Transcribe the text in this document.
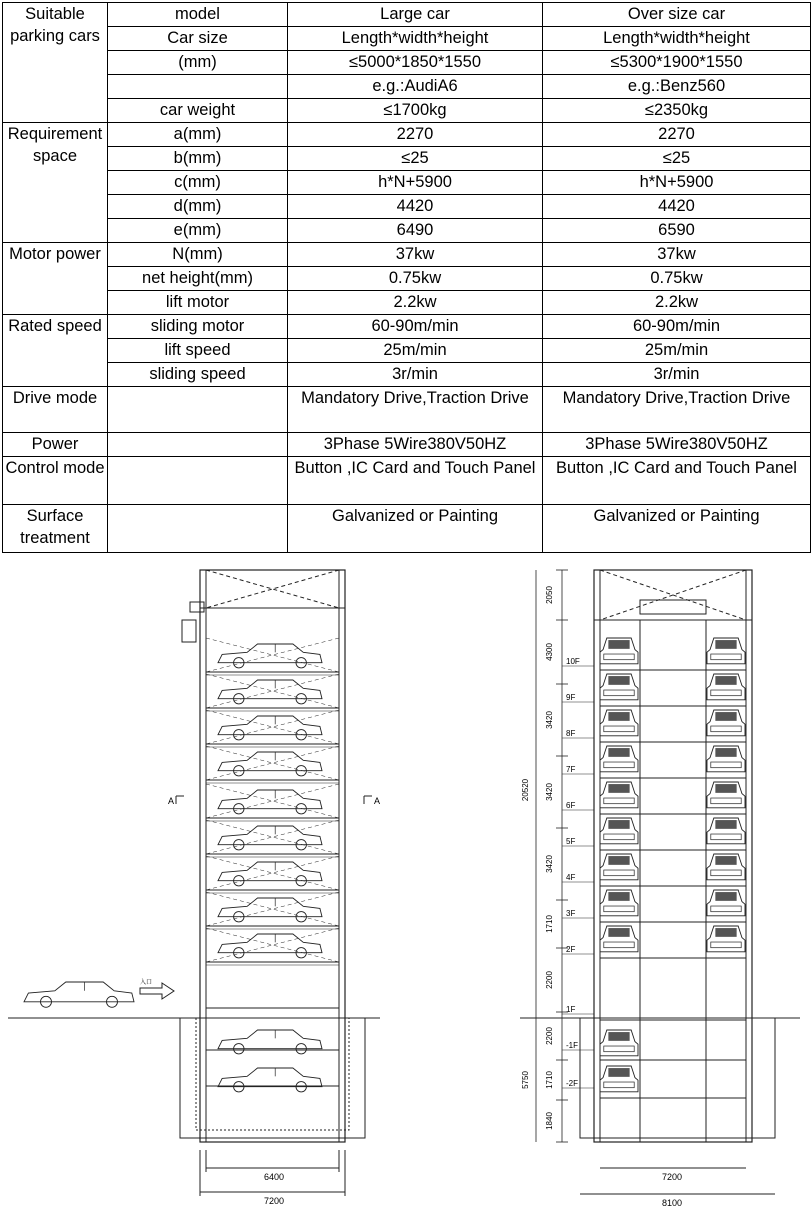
Suitable parking cars	model	Large car	Over size car
	Car size	Length*width*height	Length*width*height
	(mm)	≤5000*1850*1550	≤5300*1900*1550
		e.g.:AudiA6	e.g.:Benz560
	car weight	≤1700kg	≤2350kg
Requirement space	a(mm)	2270	2270
	b(mm)	≤25	≤25
	c(mm)	h*N+5900	h*N+5900
	d(mm)	4420	4420
	e(mm)	6490	6590
Motor power	N(mm)	37kw	37kw
	net height(mm)	0.75kw	0.75kw
	lift motor	2.2kw	2.2kw
Rated speed	sliding motor	60-90m/min	60-90m/min
	lift speed	25m/min	25m/min
	sliding speed	3r/min	3r/min
Drive mode		Mandatory Drive,Traction Drive	Mandatory Drive,Traction Drive
Power		3Phase 5Wire380V50HZ	3Phase 5Wire380V50HZ
Control mode		Button ,IC Card and Touch Panel	Button ,IC Card and Touch Panel
Surface treatment		Galvanized or Painting	Galvanized or Painting
A	A
入口
6400
7200
2050
4300
3420
3420
3420
1710
2200
2200
1710
1840
20520
5750
10F
9F
8F
7F
6F
5F
4F
3F
2F
1F
-1F
-2F
7200
8100
